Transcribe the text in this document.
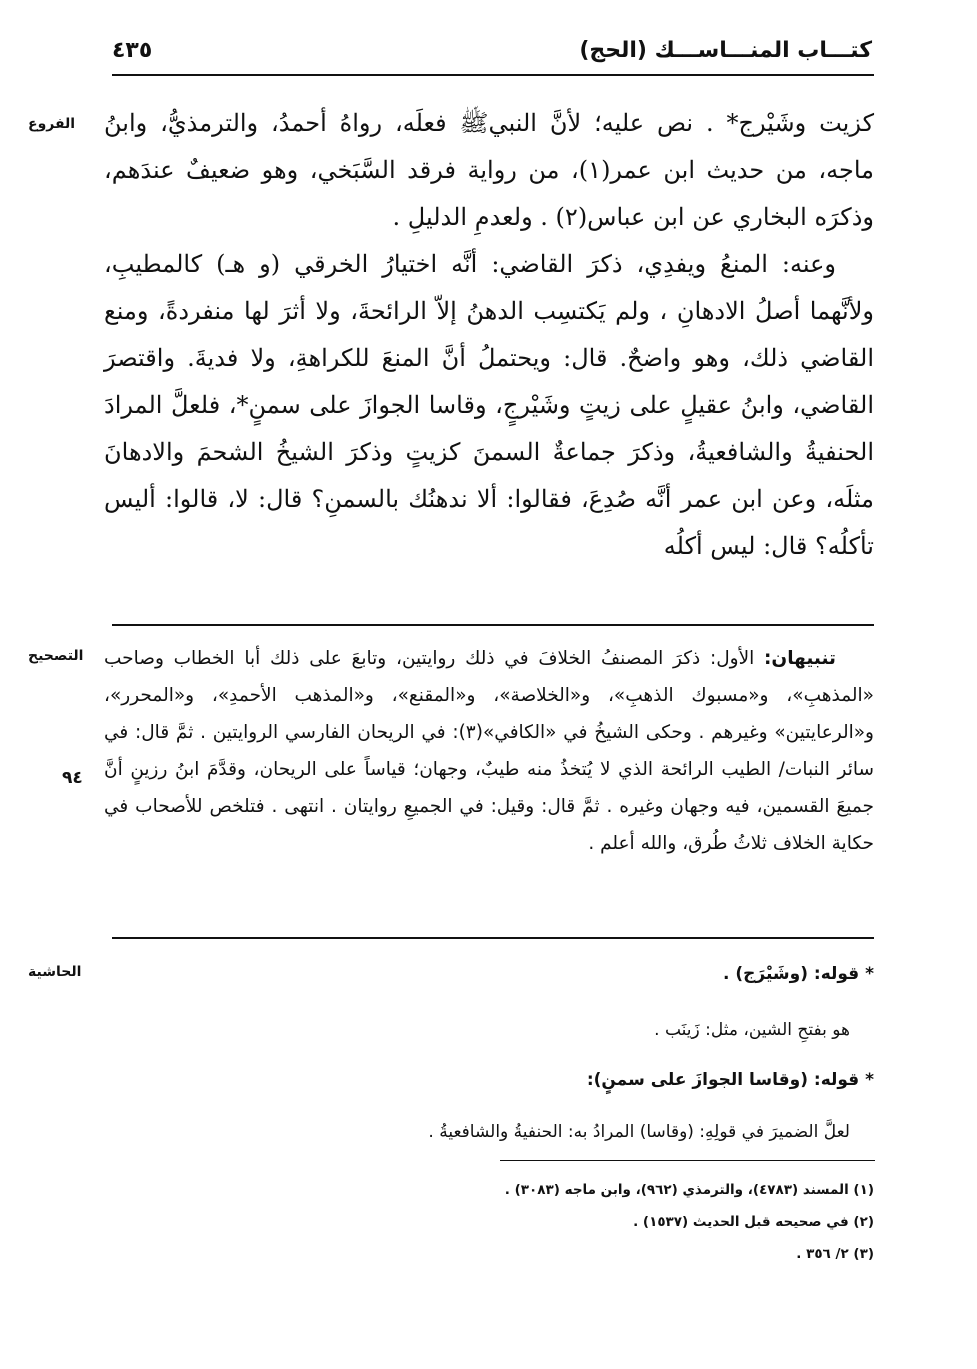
كتـــاب المنـــاســـك (الحج)
٤٣٥
الفروع كزيت وشَيْرج* . نص عليه؛ لأنَّ النبيﷺ فعلَه، رواهُ أحمدُ، والترمذيُّ، وابنُ ماجه، من حديث ابن عمر(١)، من رواية فرقد السَّبَخي، وهو ضعيفٌ عندَهم، وذكرَه البخاري عن ابن عباس(٢) . ولعدمِ الدليلِ .

وعنه: المنعُ ويفدِي، ذكرَ القاضي: أنَّه اختيارُ الخرقي (و هـ) كالمطيبِ، ولأنَّهما أصلُ الادهانِ ، ولم يَكتسِب الدهنُ إلاّ الرائحةَ، ولا أثرَ لها منفردةً، ومنع القاضي ذلك، وهو واضحٌ. قال: ويحتملُ أنَّ المنعَ للكراهةِ، ولا فديةَ. واقتصرَ القاضي، وابنُ عقيلٍ على زيتٍ وشَيْرجٍ، وقاسا الجوازَ على سمنٍ*، فلعلَّ المرادَ الحنفيةُ والشافعيةُ، وذكرَ جماعةٌ السمنَ كزيتٍ وذكرَ الشيخُ الشحمَ والادهانَ مثلَه، وعن ابن عمر أنَّه صُدِعَ، فقالوا: ألا ندهنُك بالسمنِ؟ قال: لا، قالوا: أليس تأكلُه؟ قال: ليس أكلُه

التصحيح
٩٤

تنبيهان: الأول: ذكرَ المصنفُ الخلافَ في ذلك روايتين، وتابعَ على ذلك أبا الخطاب وصاحب «المذهبِ»، و«مسبوك الذهبِ»، و«الخلاصة»، و«المقنع»، و«المذهب الأحمدِ»، و«المحرر»، و«الرعايتين» وغيرهم . وحكى الشيخُ في «الكافي»(٣): في الريحان الفارسي الروايتين . ثمَّ قال: في سائر النبات/ الطيب الرائحة الذي لا يُتخذُ منه طيبٌ، وجهان؛ قياساً على الريحان، وقدَّمَ ابنُ رزينٍ أنَّ جميعَ القسمين، فيه وجهان وغيره . ثمَّ قال: وقيل: في الجميعِ روايتان . انتهى . فتلخص للأصحاب في حكاية الخلاف ثلاثُ طُرق، والله أعلم .

الحاشية	* قوله: (وشَيْرَج) .
هو بفتحِ الشين، مثل: زَينَب .
* قوله: (وقاسا الجوازَ على سمنٍ):
لعلَّ الضميرَ في قولِهِ: (وقاسا) المرادُ به: الحنفيةُ والشافعيةُ .
(١) المسند (٤٧٨٣)، والترمذي (٩٦٢)، وابن ماجه (٣٠٨٣) .
(٢) في صحيحه قبل الحديث (١٥٣٧) .
(٣) ٢/ ٣٥٦ .
